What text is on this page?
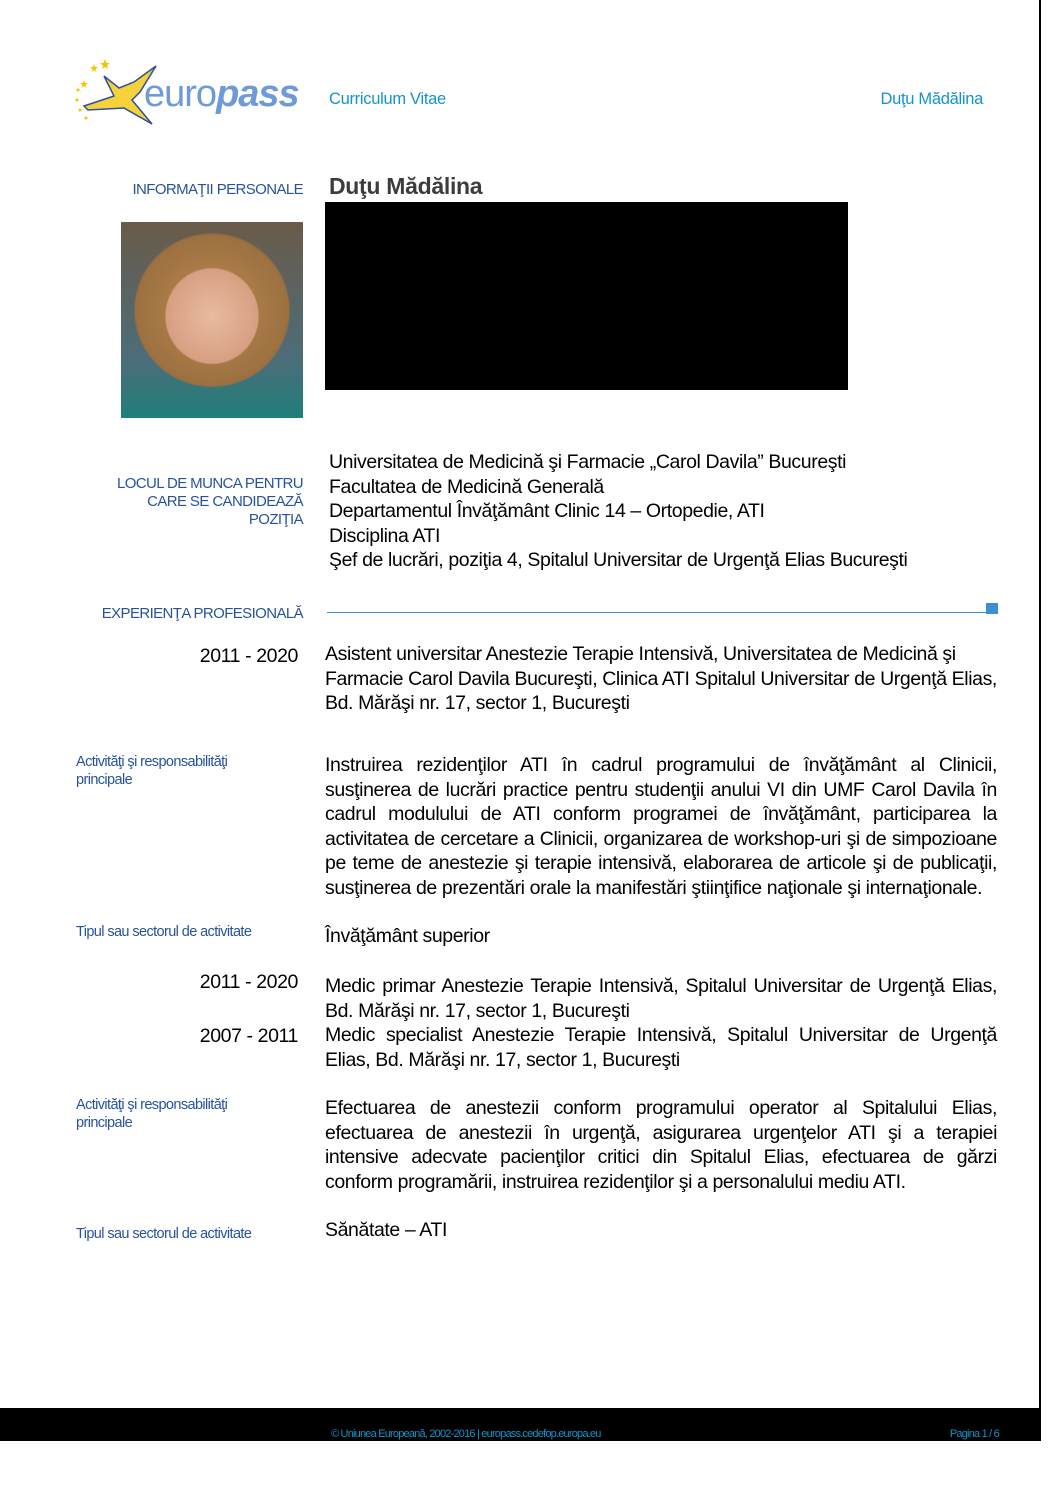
europass Curriculum Vitae	Duţu Mădălina
INFORMAŢII PERSONALE Duţu Mădălina
LOCUL DE MUNCA PENTRU
CARE SE CANDIDEAZĂ
POZIŢIA
Universitatea de Medicină şi Farmacie „Carol Davila” Bucureşti
Facultatea de Medicină Generală
Departamentul Învăţământ Clinic 14 – Ortopedie, ATI
Disciplina ATI
Şef de lucrări, poziţia 4, Spitalul Universitar de Urgenţă Elias Bucureşti
EXPERIENŢA PROFESIONALĂ
2011 - 2020 Asistent universitar Anestezie Terapie Intensivă, Universitatea de Medicină şi Farmacie Carol Davila Bucureşti, Clinica ATI Spitalul Universitar de Urgenţă Elias, Bd. Mărăşi nr. 17, sector 1, Bucureşti
Activităţi şi responsabilităţi principale
Instruirea rezidenţilor ATI în cadrul programului de învăţământ al Clinicii, susţinerea de lucrări practice pentru studenţii anului VI din UMF Carol Davila în cadrul modulului de ATI conform programei de învăţământ, participarea la activitatea de cercetare a Clinicii, organizarea de workshop-uri şi de simpozioane pe teme de anestezie şi terapie intensivă, elaborarea de articole şi de publicaţii, susţinerea de prezentări orale la manifestări ştiinţifice naţionale şi internaţionale.
Tipul sau sectorul de activitate	Învăţământ superior
2011 - 2020 Medic primar Anestezie Terapie Intensivă, Spitalul Universitar de Urgenţă Elias, Bd. Mărăşi nr. 17, sector 1, Bucureşti
2007 - 2011 Medic specialist Anestezie Terapie Intensivă, Spitalul Universitar de Urgenţă Elias, Bd. Mărăşi nr. 17, sector 1, Bucureşti
Activităţi şi responsabilităţi principale
Efectuarea de anestezii conform programului operator al Spitalului Elias, efectuarea de anestezii în urgenţă, asigurarea urgenţelor ATI şi a terapiei intensive adecvate pacienţilor critici din Spitalul Elias, efectuarea de gărzi conform programării, instruirea rezidenţilor şi a personalului mediu ATI.
Tipul sau sectorul de activitate	Sănătate – ATI
© Uniunea Europeană, 2002-2016 | europass.cedefop.europa.eu	Pagina 1 / 6
